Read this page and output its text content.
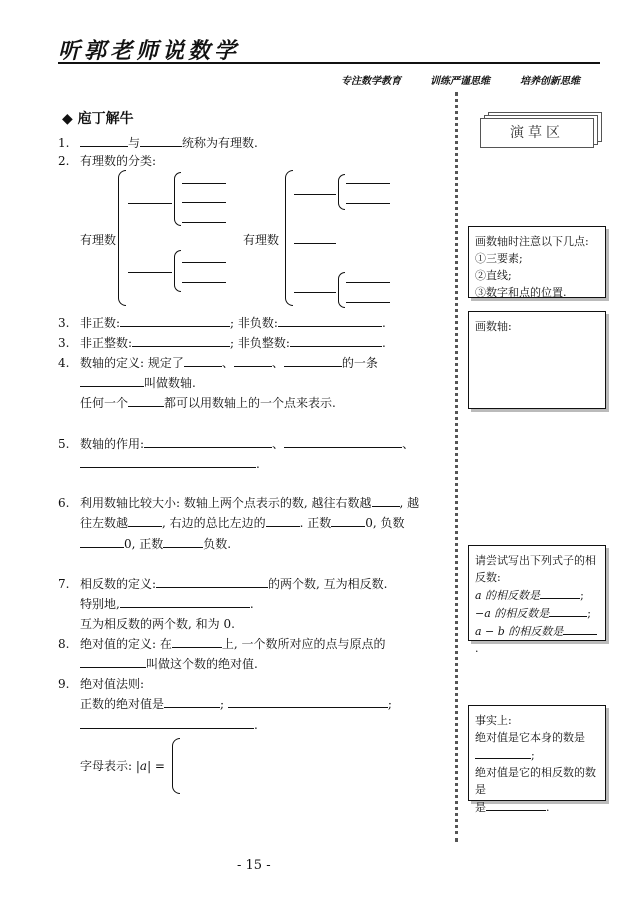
听郭老师说数学
专注数学教育	训练严谨思维	培养创新思维
◆ 庖丁解牛
1.	与	统称为有理数.
2. 有理数的分类:
有理数	有理数
3. 非正数:	; 非负数:	.
3. 非正整数:	; 非负整数:	.
4. 数轴的定义: 规定了	、	、	的一条
叫做数轴.
任何一个	都可以用数轴上的一个点来表示.
5. 数轴的作用:	、	、
.
6. 利用数轴比较大小: 数轴上两个点表示的数, 越往右数越 , 越
往左数越	, 右边的总比左边的	. 正数	0, 负数
0, 正数	负数.
7. 相反数的定义:	的两个数, 互为相反数.
特别地,	.
互为相反数的两个数, 和为 0.
8. 绝对值的定义: 在	上, 一个数所对应的点与原点的
叫做这个数的绝对值.
9. 绝对值法则:
正数的绝对值是	;	;
.
字母表示: |a| =
演草区
画数轴时注意以下几点:
①三要素;
②直线;
③数字和点的位置.
画数轴:
请尝试写出下列式子的相反数:
a 的相反数是	;
−a 的相反数是	;
a − b 的相反数是.
事实上:
绝对值是它本身的数是
;
绝对值是它的相反数的数是
是	.
- 15 -
